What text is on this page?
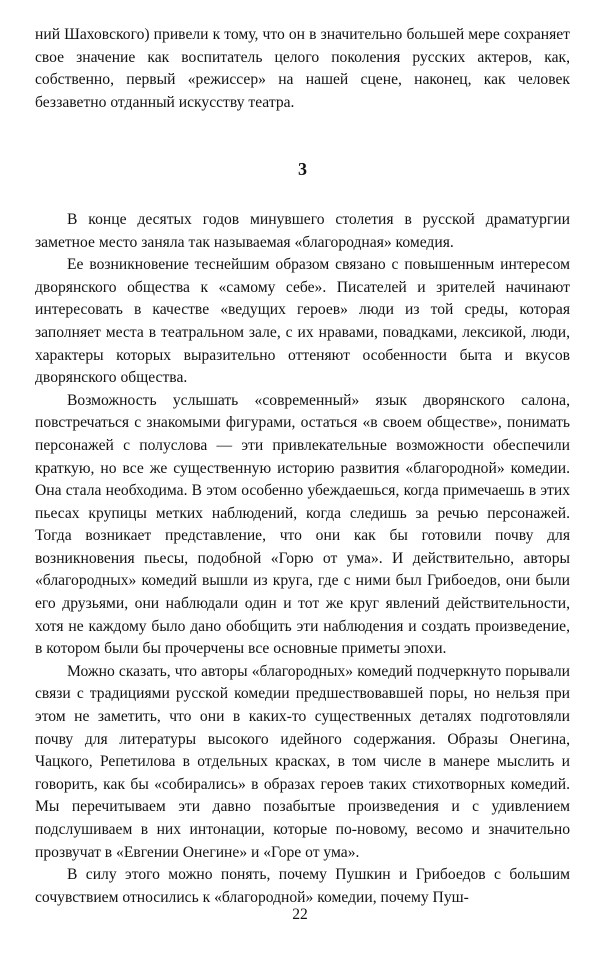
ний Шаховского) привели к тому, что он в значительно большей мере сохраняет свое значение как воспитатель целого поколения русских актеров, как, собственно, первый «режиссер» на нашей сцене, наконец, как человек беззаветно отданный искусству театра.

3

В конце десятых годов минувшего столетия в русской драматургии заметное место заняла так называемая «благородная» комедия.

Ее возникновение теснейшим образом связано с повышенным интересом дворянского общества к «самому себе». Писателей и зрителей начинают интересовать в качестве «ведущих героев» люди из той среды, которая заполняет места в театральном зале, с их нравами, повадками, лексикой, люди, характеры которых выразительно оттеняют особенности быта и вкусов дворянского общества.

Возможность услышать «современный» язык дворянского салона, повстречаться с знакомыми фигурами, остаться «в своем обществе», понимать персонажей с полуслова — эти привлекательные возможности обеспечили краткую, но все же существенную историю развития «благородной» комедии. Она стала необходима. В этом особенно убеждаешься, когда примечаешь в этих пьесах крупицы метких наблюдений, когда следишь за речью персонажей. Тогда возникает представление, что они как бы готовили почву для возникновения пьесы, подобной «Горю от ума». И действительно, авторы «благородных» комедий вышли из круга, где с ними был Грибоедов, они были его друзьями, они наблюдали один и тот же круг явлений действительности, хотя не каждому было дано обобщить эти наблюдения и создать произведение, в котором были бы прочерчены все основные приметы эпохи.

Можно сказать, что авторы «благородных» комедий подчеркнуто порывали связи с традициями русской комедии предшествовавшей поры, но нельзя при этом не заметить, что они в каких-то существенных деталях подготовляли почву для литературы высокого идейного содержания. Образы Онегина, Чацкого, Репетилова в отдельных красках, в том числе в манере мыслить и говорить, как бы «собирались» в образах героев таких стихотворных комедий. Мы перечитываем эти давно позабытые произведения и с удивлением подслушиваем в них интонации, которые по-новому, весомо и значительно прозвучат в «Евгении Онегине» и «Горе от ума».

В силу этого можно понять, почему Пушкин и Грибоедов с большим сочувствием относились к «благородной» комедии, почему Пуш-

22
